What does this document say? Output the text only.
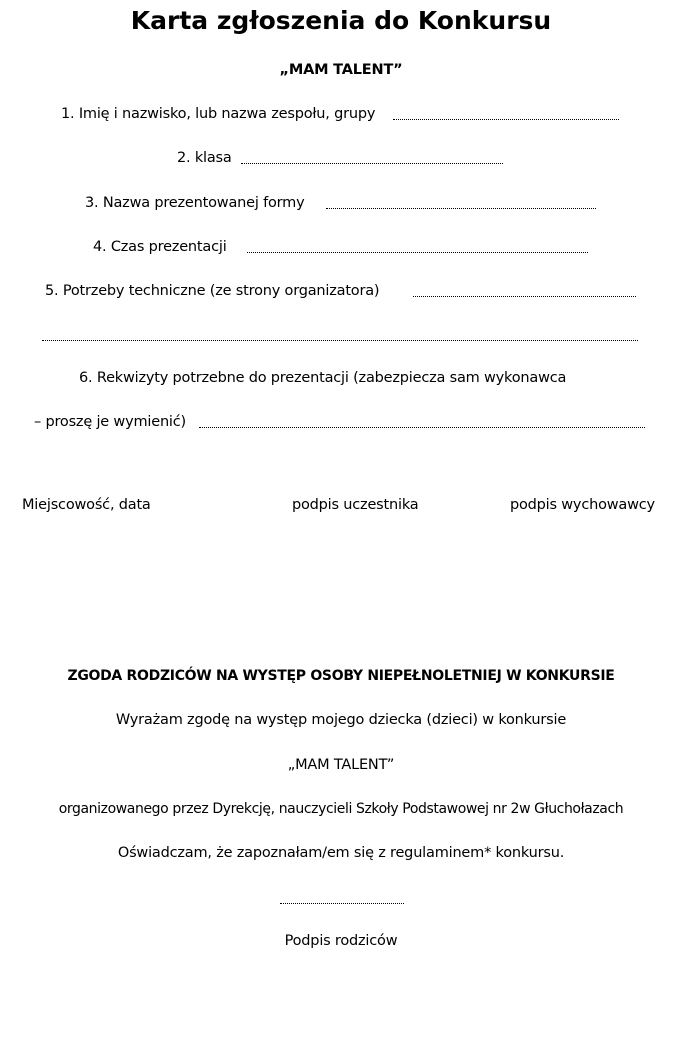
Karta zgłoszenia do Konkursu
„MAM TALENT”
1. Imię i nazwisko, lub nazwa zespołu, grupy
2. klasa
3. Nazwa prezentowanej formy
4. Czas prezentacji
5. Potrzeby techniczne (ze strony organizatora)
6. Rekwizyty potrzebne do prezentacji (zabezpiecza sam wykonawca
– proszę je wymienić)
Miejscowość, data	podpis uczestnika	podpis wychowawcy
ZGODA RODZICÓW NA WYSTĘP OSOBY NIEPEŁNOLETNIEJ W KONKURSIE
Wyrażam zgodę na występ mojego dziecka (dzieci) w konkursie
„MAM TALENT”
organizowanego przez Dyrekcję, nauczycieli Szkoły Podstawowej nr 2w Głuchołazach
Oświadczam, że zapoznałam/em się z regulaminem* konkursu.
Podpis rodziców
